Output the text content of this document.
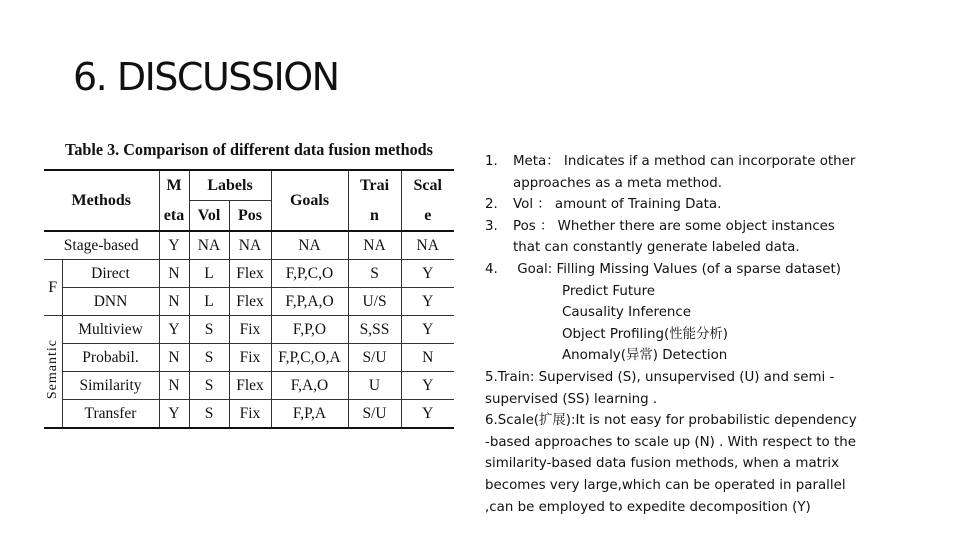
6. DISCUSSION
Table 3. Comparison of different data fusion methods
Methods		M	Labels		Goals	Trai	Scal
		eta	Vol	Pos		n	e
Stage-based		Y	NA	NA	NA	NA	NA
F	Direct	N	L	Flex	F,P,C,O	S	Y
	DNN	N	L	Flex	F,P,A,O	U/S	Y
Semantic	Multiview	Y	S	Fix	F,P,O	S,SS	Y
	Probabil.	N	S	Fix	F,P,C,O,A	S/U	N
	Similarity	N	S	Flex	F,A,O	U	Y
	Transfer	Y	S	Fix	F,P,A	S/U	Y
1.	Meta： Indicates if a method can incorporate other
approaches as a meta method.
2.	Vol ： amount of Training Data.
3.	Pos ： Whether there are some object instances
that can constantly generate labeled data.
4.	Goal: Filling Missing Values (of a sparse dataset)
Predict Future
Causality Inference
Object Profiling(性能分析)
Anomaly(异常) Detection
5.Train: Supervised (S), unsupervised (U) and semi -
supervised (SS) learning .
6.Scale(扩展):It is not easy for probabilistic dependency
-based approaches to scale up (N) . With respect to the
similarity-based data fusion methods, when a matrix
becomes very large,which can be operated in parallel
,can be employed to expedite decomposition (Y)
